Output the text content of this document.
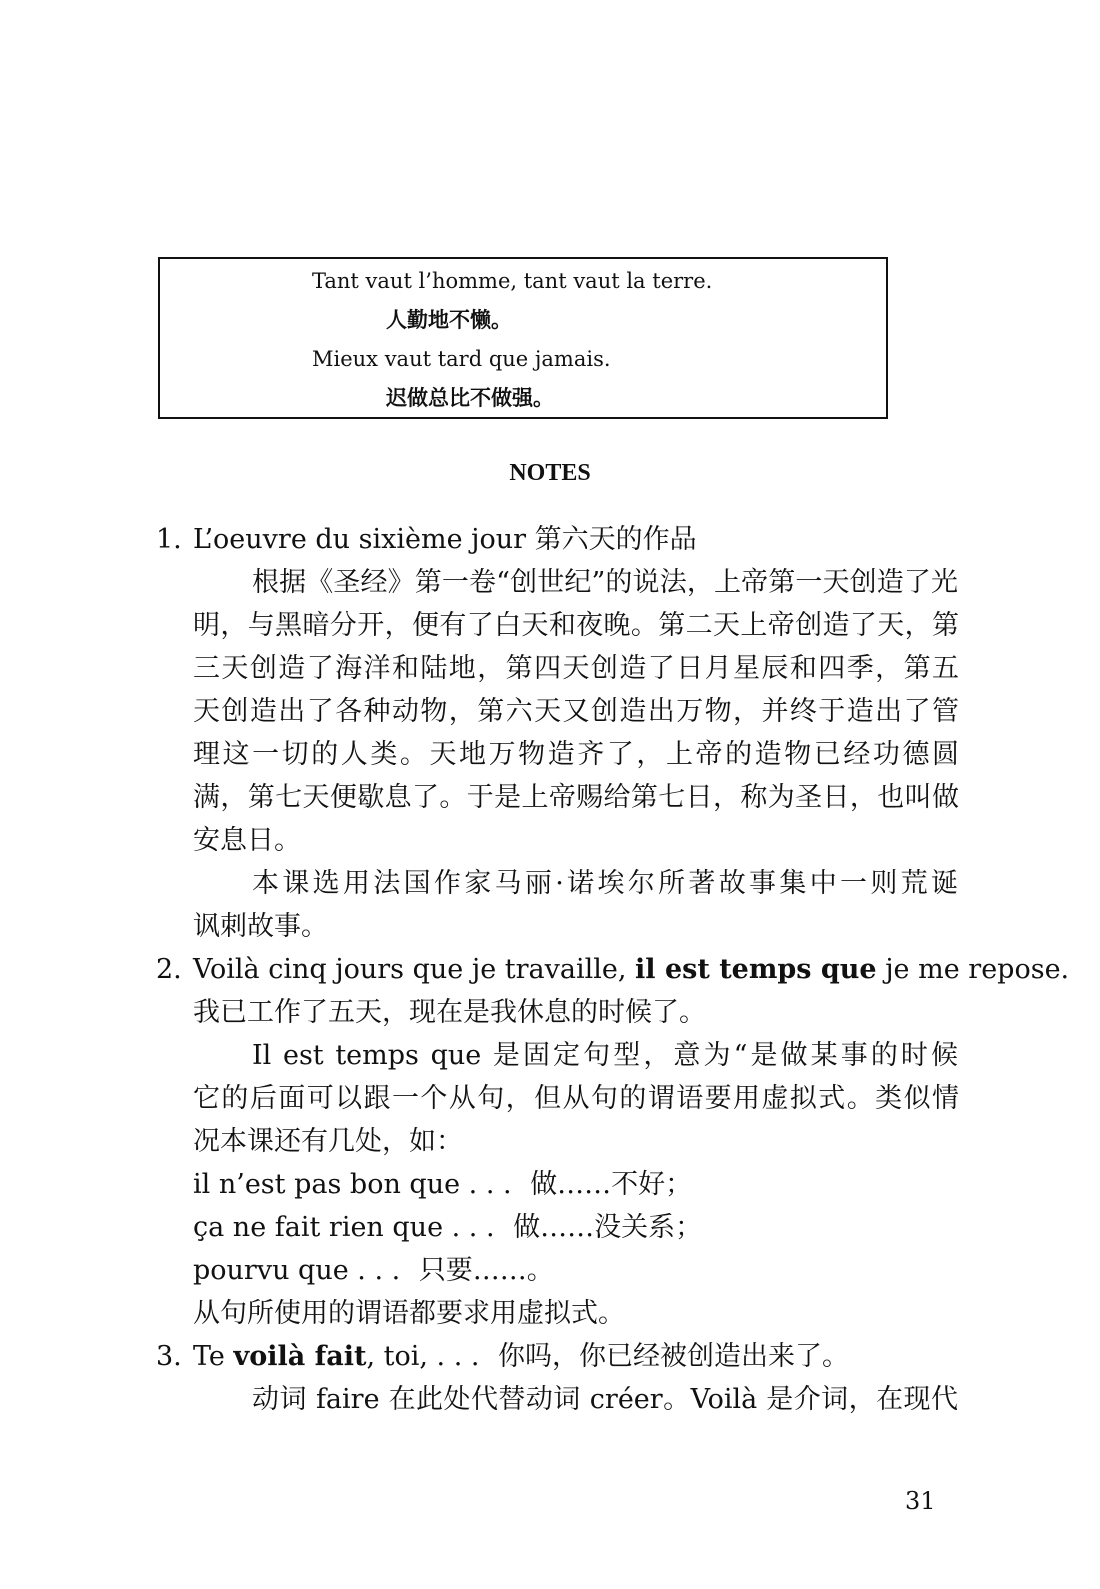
Tant vaut l’homme, tant vaut la terre.
人勤地不懒。
Mieux vaut tard que jamais.
迟做总比不做强。
NOTES
1. L’oeuvre du sixième jour 第六天的作品
根据《圣经》第一卷“创世纪”的说法，上帝第一天创造了光
明，与黑暗分开，便有了白天和夜晚。第二天上帝创造了天，第
三天创造了海洋和陆地，第四天创造了日月星辰和四季，第五
天创造出了各种动物，第六天又创造出万物，并终于造出了管
理这一切的人类。天地万物造齐了，上帝的造物已经功德圆
满，第七天便歇息了。于是上帝赐给第七日，称为圣日，也叫做
安息日。
本课选用法国作家马丽·诺埃尔所著故事集中一则荒诞
讽刺故事。
2. Voilà cinq jours que je travaille, il est temps que je me repose.
我已工作了五天，现在是我休息的时候了。
Il est temps que 是固定句型，意为“是做某事的时候
它的后面可以跟一个从句，但从句的谓语要用虚拟式。类似情
况本课还有几处，如：
il n’est pas bon que . . . 做……不好；
ça ne fait rien que . . . 做……没关系；
pourvu que . . . 只要……。
从句所使用的谓语都要求用虚拟式。
3. Te voilà fait, toi, . . . 你吗，你已经被创造出来了。
动词 faire 在此处代替动词 créer。Voilà 是介词，在现代
31
